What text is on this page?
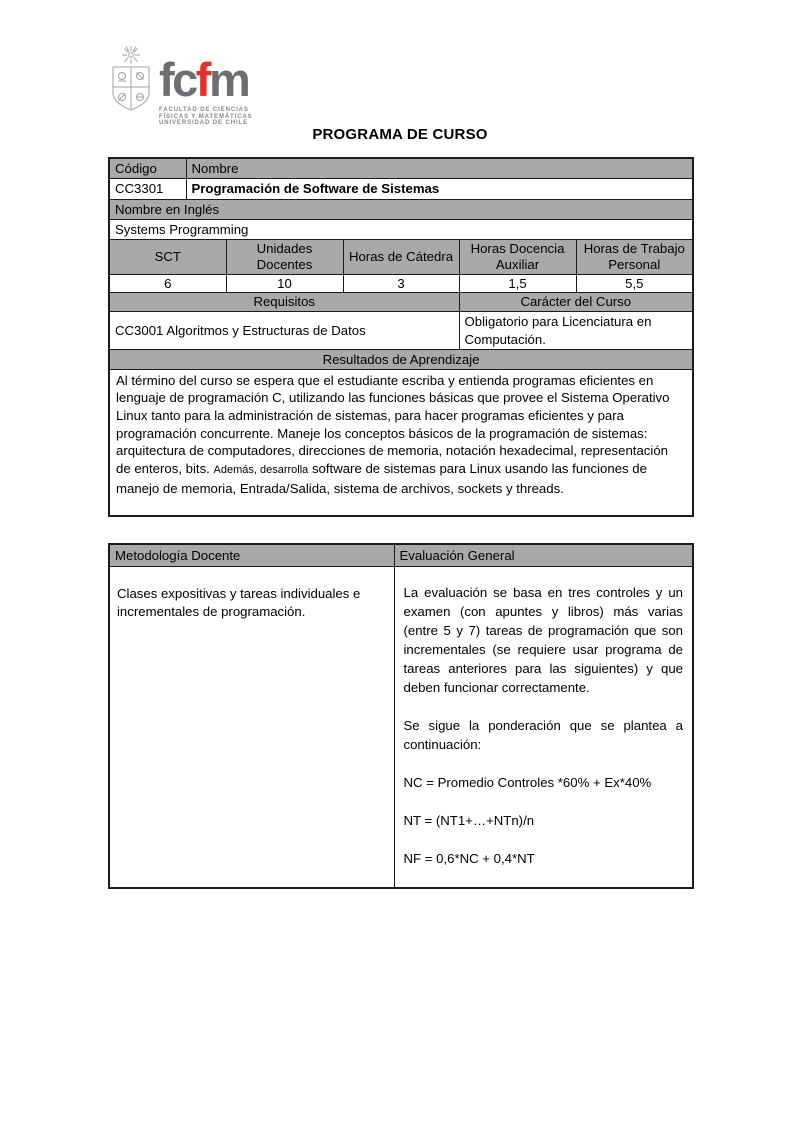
fcfm
FACULTAD DE CIENCIAS
FÍSICAS Y MATEMÁTICAS
UNIVERSIDAD DE CHILE
PROGRAMA DE CURSO
Código	Nombre				
CC3301	Programación de Software de Sistemas				
Nombre en Inglés					
Systems Programming					
SCT		Unidades Docentes	Horas de Cátedra	Horas Docencia Auxiliar	Horas de Trabajo Personal
6		10	3	1,5	5,5
Requisitos				Carácter del Curso	
CC3001 Algoritmos y Estructuras de Datos				Obligatorio para Licenciatura en Computación.	
Resultados de Aprendizaje					
Al término del curso se espera que el estudiante escriba y entienda programas eficientes en lenguaje de programación C, utilizando las funciones básicas que provee el Sistema Operativo Linux tanto para la administración de sistemas, para hacer programas eficientes y para programación concurrente. Maneje los conceptos básicos de la programación de sistemas: arquitectura de computadores, direcciones de memoria, notación hexadecimal, representación de enteros, bits. Además, desarrolla software de sistemas para Linux usando las funciones de manejo de memoria, Entrada/Salida, sistema de archivos, sockets y threads.					
Metodología Docente	Evaluación General
Clases expositivas y tareas individuales e incrementales de programación.	La evaluación se basa en tres controles y un examen (con apuntes y libros) más varias (entre 5 y 7) tareas de programación que son incrementales (se requiere usar programa de tareas anteriores para las siguientes) y que deben funcionar correctamente.

Se sigue la ponderación que se plantea a continuación:

NC = Promedio Controles *60% + Ex*40%

NT = (NT1+…+NTn)/n

NF = 0,6*NC + 0,4*NT
